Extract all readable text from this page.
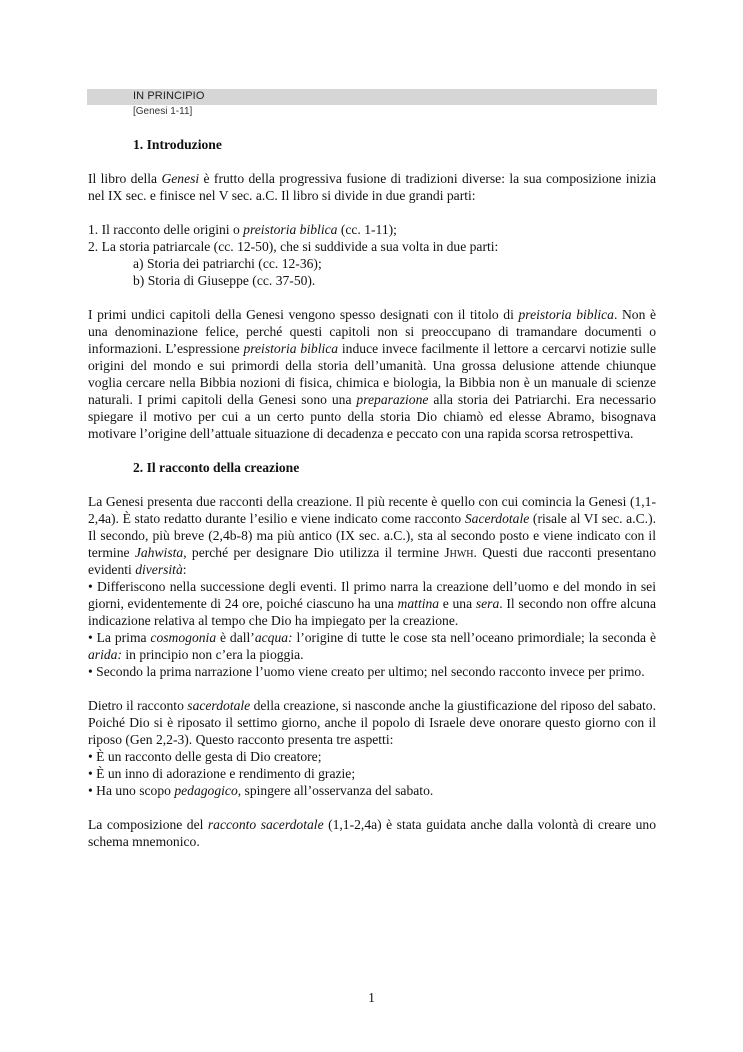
IN PRINCIPIO
[Genesi 1-11]
1. Introduzione

Il libro della Genesi è frutto della progressiva fusione di tradizioni diverse: la sua composizione inizia nel IX sec. e finisce nel V sec. a.C. Il libro si divide in due grandi parti:

1. Il racconto delle origini o preistoria biblica (cc. 1-11);

2. La storia patriarcale (cc. 12-50), che si suddivide a sua volta in due parti:

a) Storia dei patriarchi (cc. 12-36);

b) Storia di Giuseppe (cc. 37-50).

I primi undici capitoli della Genesi vengono spesso designati con il titolo di preistoria biblica. Non è una denominazione felice, perché questi capitoli non si preoccupano di tramandare documenti o informazioni. L’espressione preistoria biblica induce invece facilmente il lettore a cercarvi notizie sulle origini del mondo e sui primordi della storia dell’umanità. Una grossa delusione attende chiunque voglia cercare nella Bibbia nozioni di fisica, chimica e biologia, la Bibbia non è un manuale di scienze naturali. I primi capitoli della Genesi sono una preparazione alla storia dei Patriarchi. Era necessario spiegare il motivo per cui a un certo punto della storia Dio chiamò ed elesse Abramo, bisognava motivare l’origine dell’attuale situazione di decadenza e peccato con una rapida scorsa retrospettiva.

2. Il racconto della creazione

La Genesi presenta due racconti della creazione. Il più recente è quello con cui comincia la Genesi (1,1-2,4a). È stato redatto durante l’esilio e viene indicato come racconto Sacerdotale (risale al VI sec. a.C.). Il secondo, più breve (2,4b-8) ma più antico (IX sec. a.C.), sta al secondo posto e viene indicato con il termine Jahwista, perché per designare Dio utilizza il termine Jhwh. Questi due racconti presentano evidenti diversità:

• Differiscono nella successione degli eventi. Il primo narra la creazione dell’uomo e del mondo in sei giorni, evidentemente di 24 ore, poiché ciascuno ha una mattina e una sera. Il secondo non offre alcuna indicazione relativa al tempo che Dio ha impiegato per la creazione.

• La prima cosmogonia è dall’acqua: l’origine di tutte le cose sta nell’oceano primordiale; la seconda è arida: in principio non c’era la pioggia.

• Secondo la prima narrazione l’uomo viene creato per ultimo; nel secondo racconto invece per primo.

Dietro il racconto sacerdotale della creazione, si nasconde anche la giustificazione del riposo del sabato. Poiché Dio si è riposato il settimo giorno, anche il popolo di Israele deve onorare questo giorno con il riposo (Gen 2,2-3). Questo racconto presenta tre aspetti:

• È un racconto delle gesta di Dio creatore;

• È un inno di adorazione e rendimento di grazie;

• Ha uno scopo pedagogico, spingere all’osservanza del sabato.

La composizione del racconto sacerdotale (1,1-2,4a) è stata guidata anche dalla volontà di creare uno schema mnemonico.

1
